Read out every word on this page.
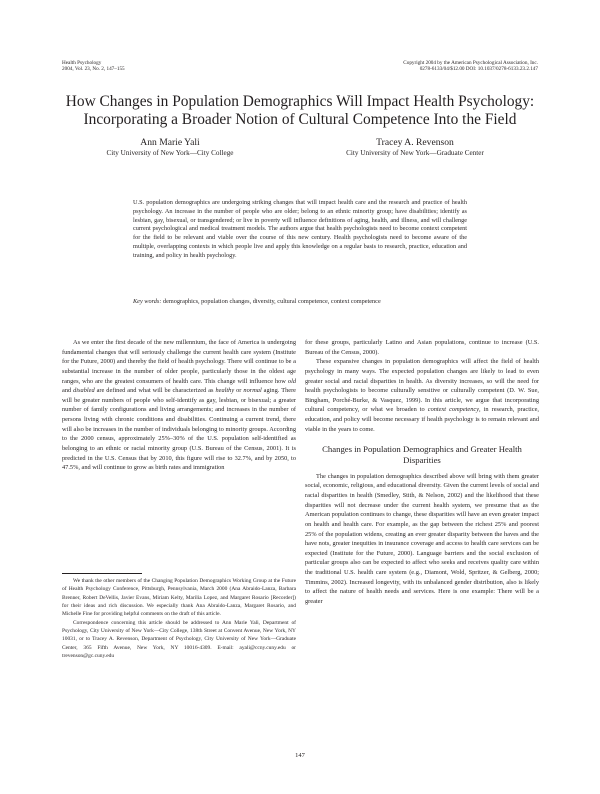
Health Psychology
2004, Vol. 23, No. 2, 147–155
Copyright 2004 by the American Psychological Association, Inc.
0278-6133/04/$12.00 DOI: 10.1037/0278-6133.23.2.147
How Changes in Population Demographics Will Impact Health Psychology: Incorporating a Broader Notion of Cultural Competence Into the Field
Ann Marie Yali
City University of New York—City College
Tracey A. Revenson
City University of New York—Graduate Center

U.S. population demographics are undergoing striking changes that will impact health care and the research and practice of health psychology. An increase in the number of people who are older; belong to an ethnic minority group; have disabilities; identify as lesbian, gay, bisexual, or transgendered; or live in poverty will influence definitions of aging, health, and illness, and will challenge current psychological and medical treatment models. The authors argue that health psychologists need to become context competent for the field to be relevant and viable over the course of this new century. Health psychologists need to become aware of the multiple, overlapping contexts in which people live and apply this knowledge on a regular basis to research, practice, education and training, and policy in health psychology.

Key words: demographics, population changes, diversity, cultural competence, context competence

As we enter the first decade of the new millennium, the face of America is undergoing fundamental changes that will seriously challenge the current health care system (Institute for the Future, 2000) and thereby the field of health psychology. There will continue to be a substantial increase in the number of older people, particularly those in the oldest age ranges, who are the greatest consumers of health care. This change will influence how old and disabled are defined and what will be characterized as healthy or normal aging. There will be greater numbers of people who self-identify as gay, lesbian, or bisexual; a greater number of family configurations and living arrangements; and increases in the number of persons living with chronic conditions and disabilities. Continuing a current trend, there will also be increases in the number of individuals belonging to minority groups. According to the 2000 census, approximately 25%–30% of the U.S. population self-identified as belonging to an ethnic or racial minority group (U.S. Bureau of the Census, 2001). It is predicted in the U.S. Census that by 2010, this figure will rise to 32.7%, and by 2050, to 47.5%, and will continue to grow as birth rates and immigration

We thank the other members of the Changing Population Demographics Working Group at the Future of Health Psychology Conference, Pittsburgh, Pennsylvania, March 2000 (Ana Abraido-Lanza, Barbara Brenner, Robert DeVellis, Javier Evans, Miriam Kelty, Marilia Lopez, and Margaret Rosario [Recorder]) for their ideas and rich discussion. We especially thank Ana Abraido-Lanza, Margaret Rosario, and Michelle Fine for providing helpful comments on the draft of this article.

Correspondence concerning this article should be addressed to Ann Marie Yali, Department of Psychology, City University of New York—City College, 138th Street at Convent Avenue, New York, NY 10031, or to Tracey A. Revenson, Department of Psychology, City University of New York—Graduate Center, 365 Fifth Avenue, New York, NY 10016-4309. E-mail: ayali@ccny.cuny.edu or trevenson@gc.cuny.edu

for these groups, particularly Latino and Asian populations, continue to increase (U.S. Bureau of the Census, 2000).

These expansive changes in population demographics will affect the field of health psychology in many ways. The expected population changes are likely to lead to even greater social and racial disparities in health. As diversity increases, so will the need for health psychologists to become culturally sensitive or culturally competent (D. W. Sue, Bingham, Porché-Burke, & Vasquez, 1999). In this article, we argue that incorporating cultural competency, or what we broaden to context competency, in research, practice, education, and policy will become necessary if health psychology is to remain relevant and viable in the years to come.

Changes in Population Demographics and Greater Health Disparities

The changes in population demographics described above will bring with them greater social, economic, religious, and educational diversity. Given the current levels of social and racial disparities in health (Smedley, Stith, & Nelson, 2002) and the likelihood that these disparities will not decrease under the current health system, we presume that as the American population continues to change, these disparities will have an even greater impact on health and health care. For example, as the gap between the richest 25% and poorest 25% of the population widens, creating an ever greater disparity between the haves and the have nots, greater inequities in insurance coverage and access to health care services can be expected (Institute for the Future, 2000). Language barriers and the social exclusion of particular groups also can be expected to affect who seeks and receives quality care within the traditional U.S. health care system (e.g., Diamont, Wold, Spritzer, & Gelberg, 2000; Timmins, 2002). Increased longevity, with its unbalanced gender distribution, also is likely to affect the nature of health needs and services. Here is one example: There will be a greater

147
